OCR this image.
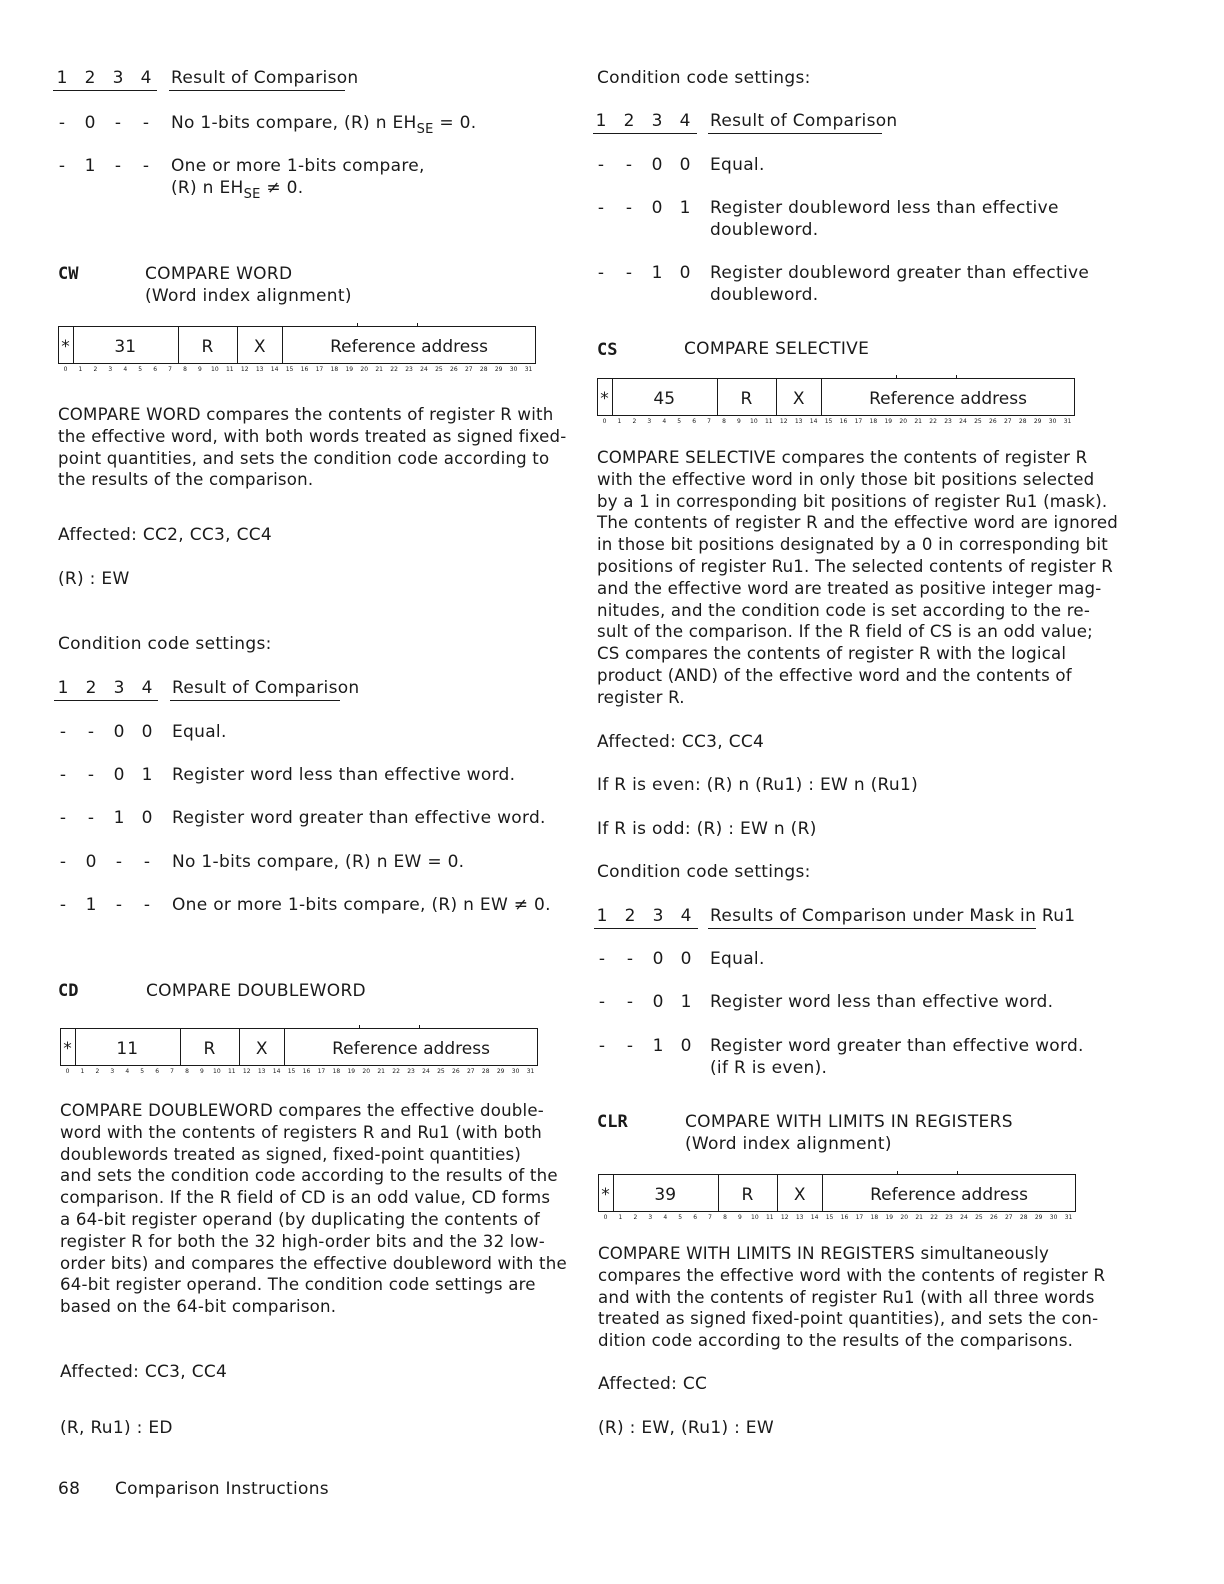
1	2	3	4	Result of Comparison
-	0	-	-	No 1-bits compare, (R) n $EH_{SE} = 0$.
-	1	-	-	One or more 1-bits compare,
(R) n $EH_{SE} \ne 0$.
CW	COMPARE WORD
(Word index alignment)
*	31	R	X	Reference address
0	1	2	3	4	5	6	7	8	9	10	11	12	13	14	15	16	17	18	19	20	21	22	23	24	25	26	27	28	29	30	31
COMPARE WORD compares the contents of register R with
the effective word, with both words treated as signed fixed-
point quantities, and sets the condition code according to
the results of the comparison.
Affected: CC2, CC3, CC4
(R) : EW
Condition code settings:
1	2	3	4	Result of Comparison
-	-	0	0	Equal.
-	-	0	1	Register word less than effective word.
-	-	1	0	Register word greater than effective word.
-	0	-	-	No 1-bits compare, (R) n EW = 0.
-	1	-	-	One or more 1-bits compare, (R) n EW ≠ 0.
CD	COMPARE DOUBLEWORD
*	11	R	X	Reference address
0	1	2	3	4	5	6	7	8	9	10	11	12	13	14	15	16	17	18	19	20	21	22	23	24	25	26	27	28	29	30	31
COMPARE DOUBLEWORD compares the effective double-
word with the contents of registers R and Ru1 (with both
doublewords treated as signed, fixed-point quantities)
and sets the condition code according to the results of the
comparison. If the R field of CD is an odd value, CD forms
a 64-bit register operand (by duplicating the contents of
register R for both the 32 high-order bits and the 32 low-
order bits) and compares the effective doubleword with the
64-bit register operand. The condition code settings are
based on the 64-bit comparison.
Affected: CC3, CC4
(R, Ru1) : ED
68 Comparison Instructions
Condition code settings:
1	2	3	4	Result of Comparison
-	-	0	0	Equal.
-	-	0	1	Register doubleword less than effective
doubleword.
-	-	1	0	Register doubleword greater than effective
doubleword.
CS	COMPARE SELECTIVE
*	45	R	X	Reference address
0	1	2	3	4	5	6	7	8	9	10	11	12	13	14	15	16	17	18	19	20	21	22	23	24	25	26	27	28	29	30	31
COMPARE SELECTIVE compares the contents of register R
with the effective word in only those bit positions selected
by a 1 in corresponding bit positions of register Ru1 (mask).
The contents of register R and the effective word are ignored
in those bit positions designated by a 0 in corresponding bit
positions of register Ru1. The selected contents of register R
and the effective word are treated as positive integer mag-
nitudes, and the condition code is set according to the re-
sult of the comparison. If the R field of CS is an odd value;
CS compares the contents of register R with the logical
product (AND) of the effective word and the contents of
register R.
Affected: CC3, CC4
If R is even: (R) n (Ru1) : EW n (Ru1)
If R is odd: (R) : EW n (R)
Condition code settings:
1	2	3	4	Results of Comparison under Mask in Ru1
-	-	0	0	Equal.
-	-	0	1	Register word less than effective word.
-	-	1	0	Register word greater than effective word.
(if R is even).
CLR	COMPARE WITH LIMITS IN REGISTERS
(Word index alignment)
*	39	R	X	Reference address
0	1	2	3	4	5	6	7	8	9	10	11	12	13	14	15	16	17	18	19	20	21	22	23	24	25	26	27	28	29	30	31
COMPARE WITH LIMITS IN REGISTERS simultaneously
compares the effective word with the contents of register R
and with the contents of register Ru1 (with all three words
treated as signed fixed-point quantities), and sets the con-
dition code according to the results of the comparisons.
Affected: CC
(R) : EW, (Ru1) : EW
